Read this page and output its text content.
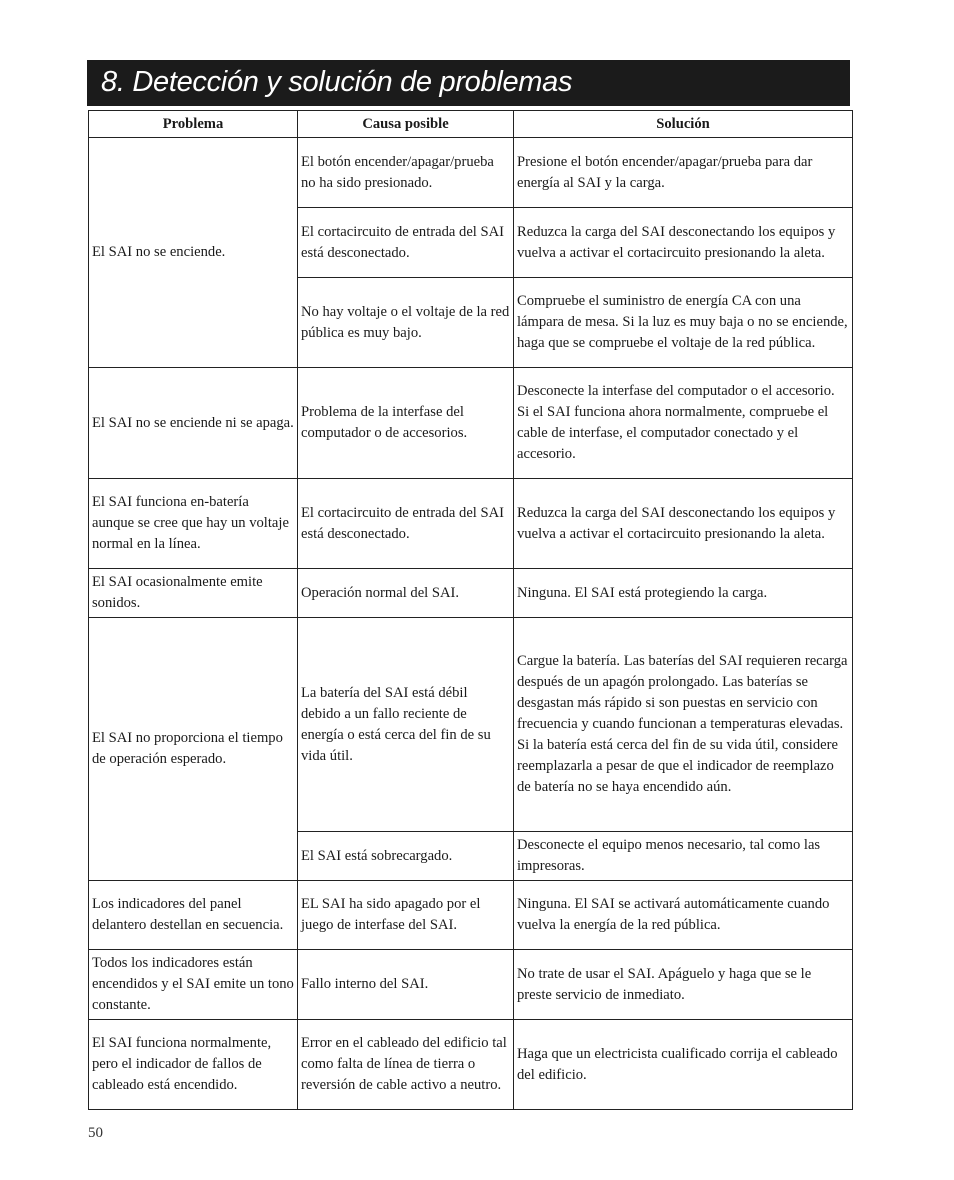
8. Detección y solución de problemas
Problema	Causa posible	Solución
El SAI no se enciende.	El botón encender/apagar/prueba no ha sido presionado.	Presione el botón encender/apagar/prueba para dar energía al SAI y la carga.
	El cortacircuito de entrada del SAI está desconectado.	Reduzca la carga del SAI desconectando los equipos y vuelva a activar el cortacircuito presionando la aleta.
	No hay voltaje o el voltaje de la red pública es muy bajo.	Compruebe el suministro de energía CA con una lámpara de mesa. Si la luz es muy baja o no se enciende, haga que se compruebe el voltaje de la red pública.
El SAI no se enciende ni se apaga.	Problema de la interfase del computador o de accesorios.	Desconecte la interfase del computador o el accesorio. Si el SAI funciona ahora normalmente, compruebe el cable de interfase, el computador conectado y el accesorio.
El SAI funciona en-batería aunque se cree que hay un voltaje normal en la línea.	El cortacircuito de entrada del SAI está desconectado.	Reduzca la carga del SAI desconectando los equipos y vuelva a activar el cortacircuito presionando la aleta.
El SAI ocasionalmente emite sonidos.	Operación normal del SAI.	Ninguna. El SAI está protegiendo la carga.
El SAI no proporciona el tiempo de operación esperado.	La batería del SAI está débil debido a un fallo reciente de energía o está cerca del fin de su vida útil.	Cargue la batería. Las baterías del SAI requieren recarga después de un apagón prolongado. Las baterías se desgastan más rápido si son puestas en servicio con frecuencia y cuando funcionan a temperaturas elevadas. Si la batería está cerca del fin de su vida útil, considere reemplazarla a pesar de que el indicador de reemplazo de batería no se haya encendido aún.
	El SAI está sobrecargado.	Desconecte el equipo menos necesario, tal como las impresoras.
Los indicadores del panel delantero destellan en secuencia.	EL SAI ha sido apagado por el juego de interfase del SAI.	Ninguna. El SAI se activará automáticamente cuando vuelva la energía de la red pública.
Todos los indicadores están encendidos y el SAI emite un tono constante.	Fallo interno del SAI.	No trate de usar el SAI. Apáguelo y haga que se le preste servicio de inmediato.
El SAI funciona normalmente, pero el indicador de fallos de cableado está encendido.	Error en el cableado del edificio tal como falta de línea de tierra o reversión de cable activo a neutro.	Haga que un electricista cualificado corrija el cableado del edificio.
50
